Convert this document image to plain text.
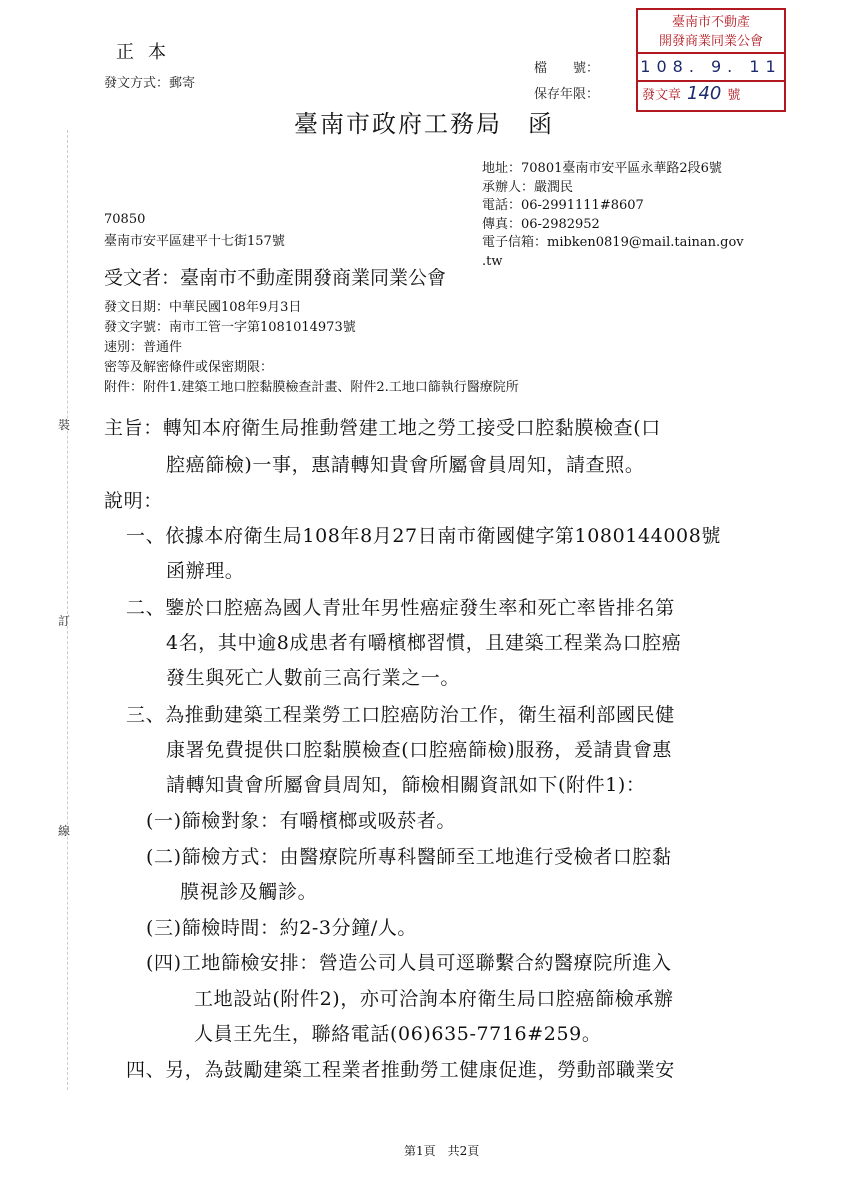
正本
發文方式：郵寄
檔　　號：
保存年限：
臺南市不動產
開發商業同業公會
108. 9. 11
發文章 140 號
裝
訂
線
臺南市政府工務局　函
地址：70801臺南市安平區永華路2段6號
承辦人：嚴潤民
電話：06-2991111#8607
傳真：06-2982952
電子信箱：mibken0819@mail.tainan.gov
.tw
70850
臺南市安平區建平十七街157號
受文者：臺南市不動產開發商業同業公會
發文日期：中華民國108年9月3日
發文字號：南市工管一字第1081014973號
速別：普通件
密等及解密條件或保密期限：
附件：附件1.建築工地口腔黏膜檢查計畫、附件2.工地口篩執行醫療院所
主旨：轉知本府衛生局推動營建工地之勞工接受口腔黏膜檢查(口
腔癌篩檢)一事，惠請轉知貴會所屬會員周知，請查照。
說明：
一、依據本府衛生局108年8月27日南市衛國健字第1080144008號
函辦理。
二、鑒於口腔癌為國人青壯年男性癌症發生率和死亡率皆排名第
4名，其中逾8成患者有嚼檳榔習慣，且建築工程業為口腔癌
發生與死亡人數前三高行業之一。
三、為推動建築工程業勞工口腔癌防治工作，衛生福利部國民健
康署免費提供口腔黏膜檢查(口腔癌篩檢)服務，爰請貴會惠
請轉知貴會所屬會員周知，篩檢相關資訊如下(附件1)：
(一)篩檢對象：有嚼檳榔或吸菸者。
(二)篩檢方式：由醫療院所專科醫師至工地進行受檢者口腔黏
膜視診及觸診。
(三)篩檢時間：約2-3分鐘/人。
(四)工地篩檢安排：營造公司人員可逕聯繫合約醫療院所進入
工地設站(附件2)，亦可洽詢本府衛生局口腔癌篩檢承辦
人員王先生，聯絡電話(06)635-7716#259。
四、另，為鼓勵建築工程業者推動勞工健康促進，勞動部職業安
第1頁　共2頁
